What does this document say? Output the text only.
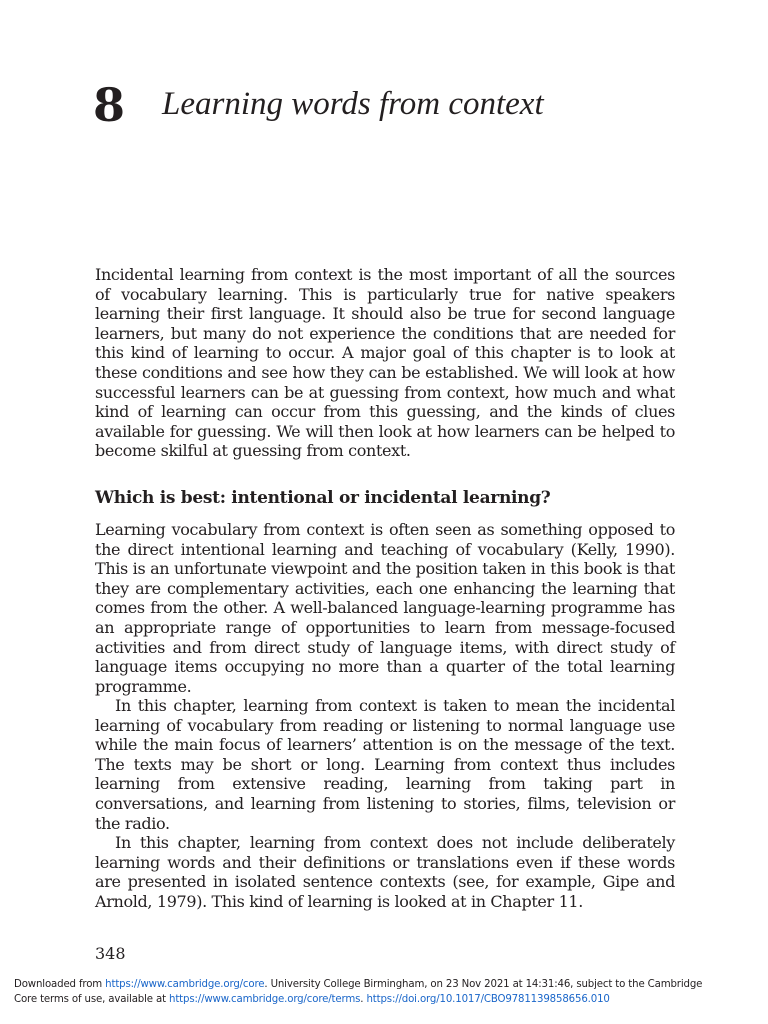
8 Learning words from context

Incidental learning from context is the most important of all the sources of vocabulary learning. This is particularly true for native speakers learning their first language. It should also be true for second language learners, but many do not experience the conditions that are needed for this kind of learning to occur. A major goal of this chapter is to look at these conditions and see how they can be established. We will look at how successful learners can be at guessing from context, how much and what kind of learning can occur from this guessing, and the kinds of clues available for guessing. We will then look at how learners can be helped to become skilful at guessing from context.

Which is best: intentional or incidental learning?

Learning vocabulary from context is often seen as something opposed to the direct intentional learning and teaching of vocabulary (Kelly, 1990). This is an unfortunate viewpoint and the position taken in this book is that they are complementary activities, each one enhancing the learning that comes from the other. A well-balanced language-learning programme has an appropriate range of opportunities to learn from message-focused activities and from direct study of language items, with direct study of language items occupying no more than a quarter of the total learning programme.

In this chapter, learning from context is taken to mean the incidental learning of vocabulary from reading or listening to normal language use while the main focus of learners’ attention is on the message of the text. The texts may be short or long. Learning from context thus includes learning from extensive reading, learning from taking part in conversations, and learning from listening to stories, films, television or the radio.

In this chapter, learning from context does not include deliberately learning words and their definitions or translations even if these words are presented in isolated sentence contexts (see, for example, Gipe and Arnold, 1979). This kind of learning is looked at in Chapter 11.

348
Downloaded from https://www.cambridge.org/core. University College Birmingham, on 23 Nov 2021 at 14:31:46, subject to the Cambridge
Core terms of use, available at https://www.cambridge.org/core/terms. https://doi.org/10.1017/CBO9781139858656.010
